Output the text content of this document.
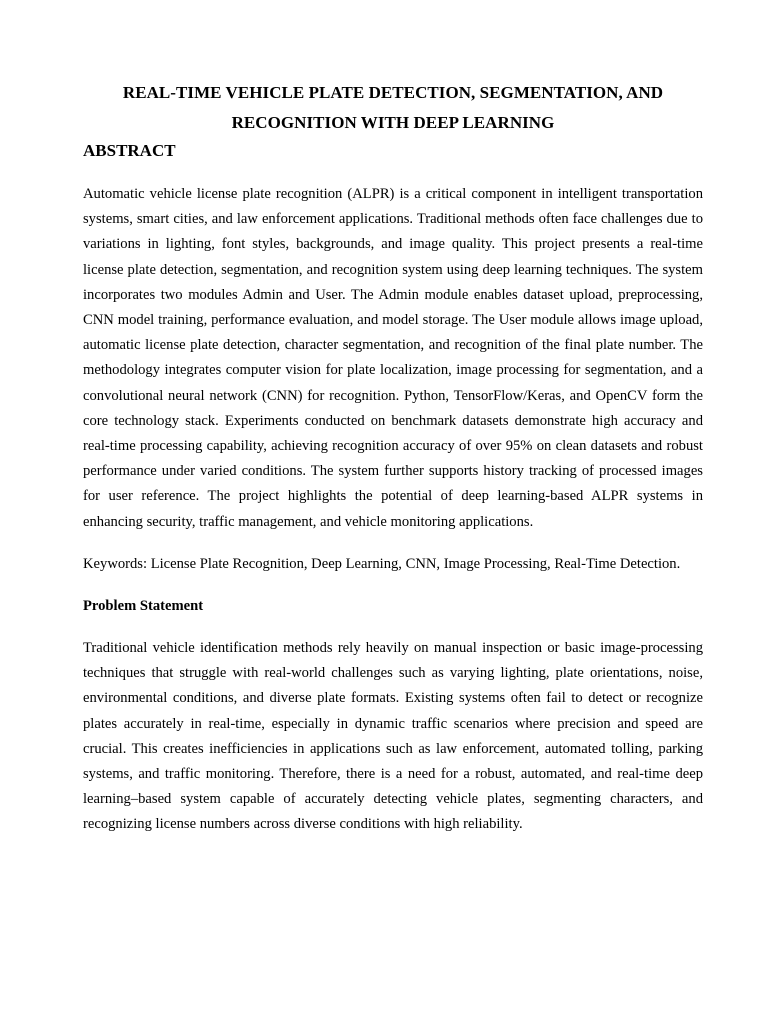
REAL-TIME VEHICLE PLATE DETECTION, SEGMENTATION, AND RECOGNITION WITH DEEP LEARNING
ABSTRACT

Automatic vehicle license plate recognition (ALPR) is a critical component in intelligent transportation systems, smart cities, and law enforcement applications. Traditional methods often face challenges due to variations in lighting, font styles, backgrounds, and image quality. This project presents a real-time license plate detection, segmentation, and recognition system using deep learning techniques. The system incorporates two modules Admin and User. The Admin module enables dataset upload, preprocessing, CNN model training, performance evaluation, and model storage. The User module allows image upload, automatic license plate detection, character segmentation, and recognition of the final plate number. The methodology integrates computer vision for plate localization, image processing for segmentation, and a convolutional neural network (CNN) for recognition. Python, TensorFlow/Keras, and OpenCV form the core technology stack. Experiments conducted on benchmark datasets demonstrate high accuracy and real-time processing capability, achieving recognition accuracy of over 95% on clean datasets and robust performance under varied conditions. The system further supports history tracking of processed images for user reference. The project highlights the potential of deep learning-based ALPR systems in enhancing security, traffic management, and vehicle monitoring applications.

Keywords: License Plate Recognition, Deep Learning, CNN, Image Processing, Real-Time Detection.

Problem Statement

Traditional vehicle identification methods rely heavily on manual inspection or basic image-processing techniques that struggle with real-world challenges such as varying lighting, plate orientations, noise, environmental conditions, and diverse plate formats. Existing systems often fail to detect or recognize plates accurately in real-time, especially in dynamic traffic scenarios where precision and speed are crucial. This creates inefficiencies in applications such as law enforcement, automated tolling, parking systems, and traffic monitoring. Therefore, there is a need for a robust, automated, and real-time deep learning–based system capable of accurately detecting vehicle plates, segmenting characters, and recognizing license numbers across diverse conditions with high reliability.
